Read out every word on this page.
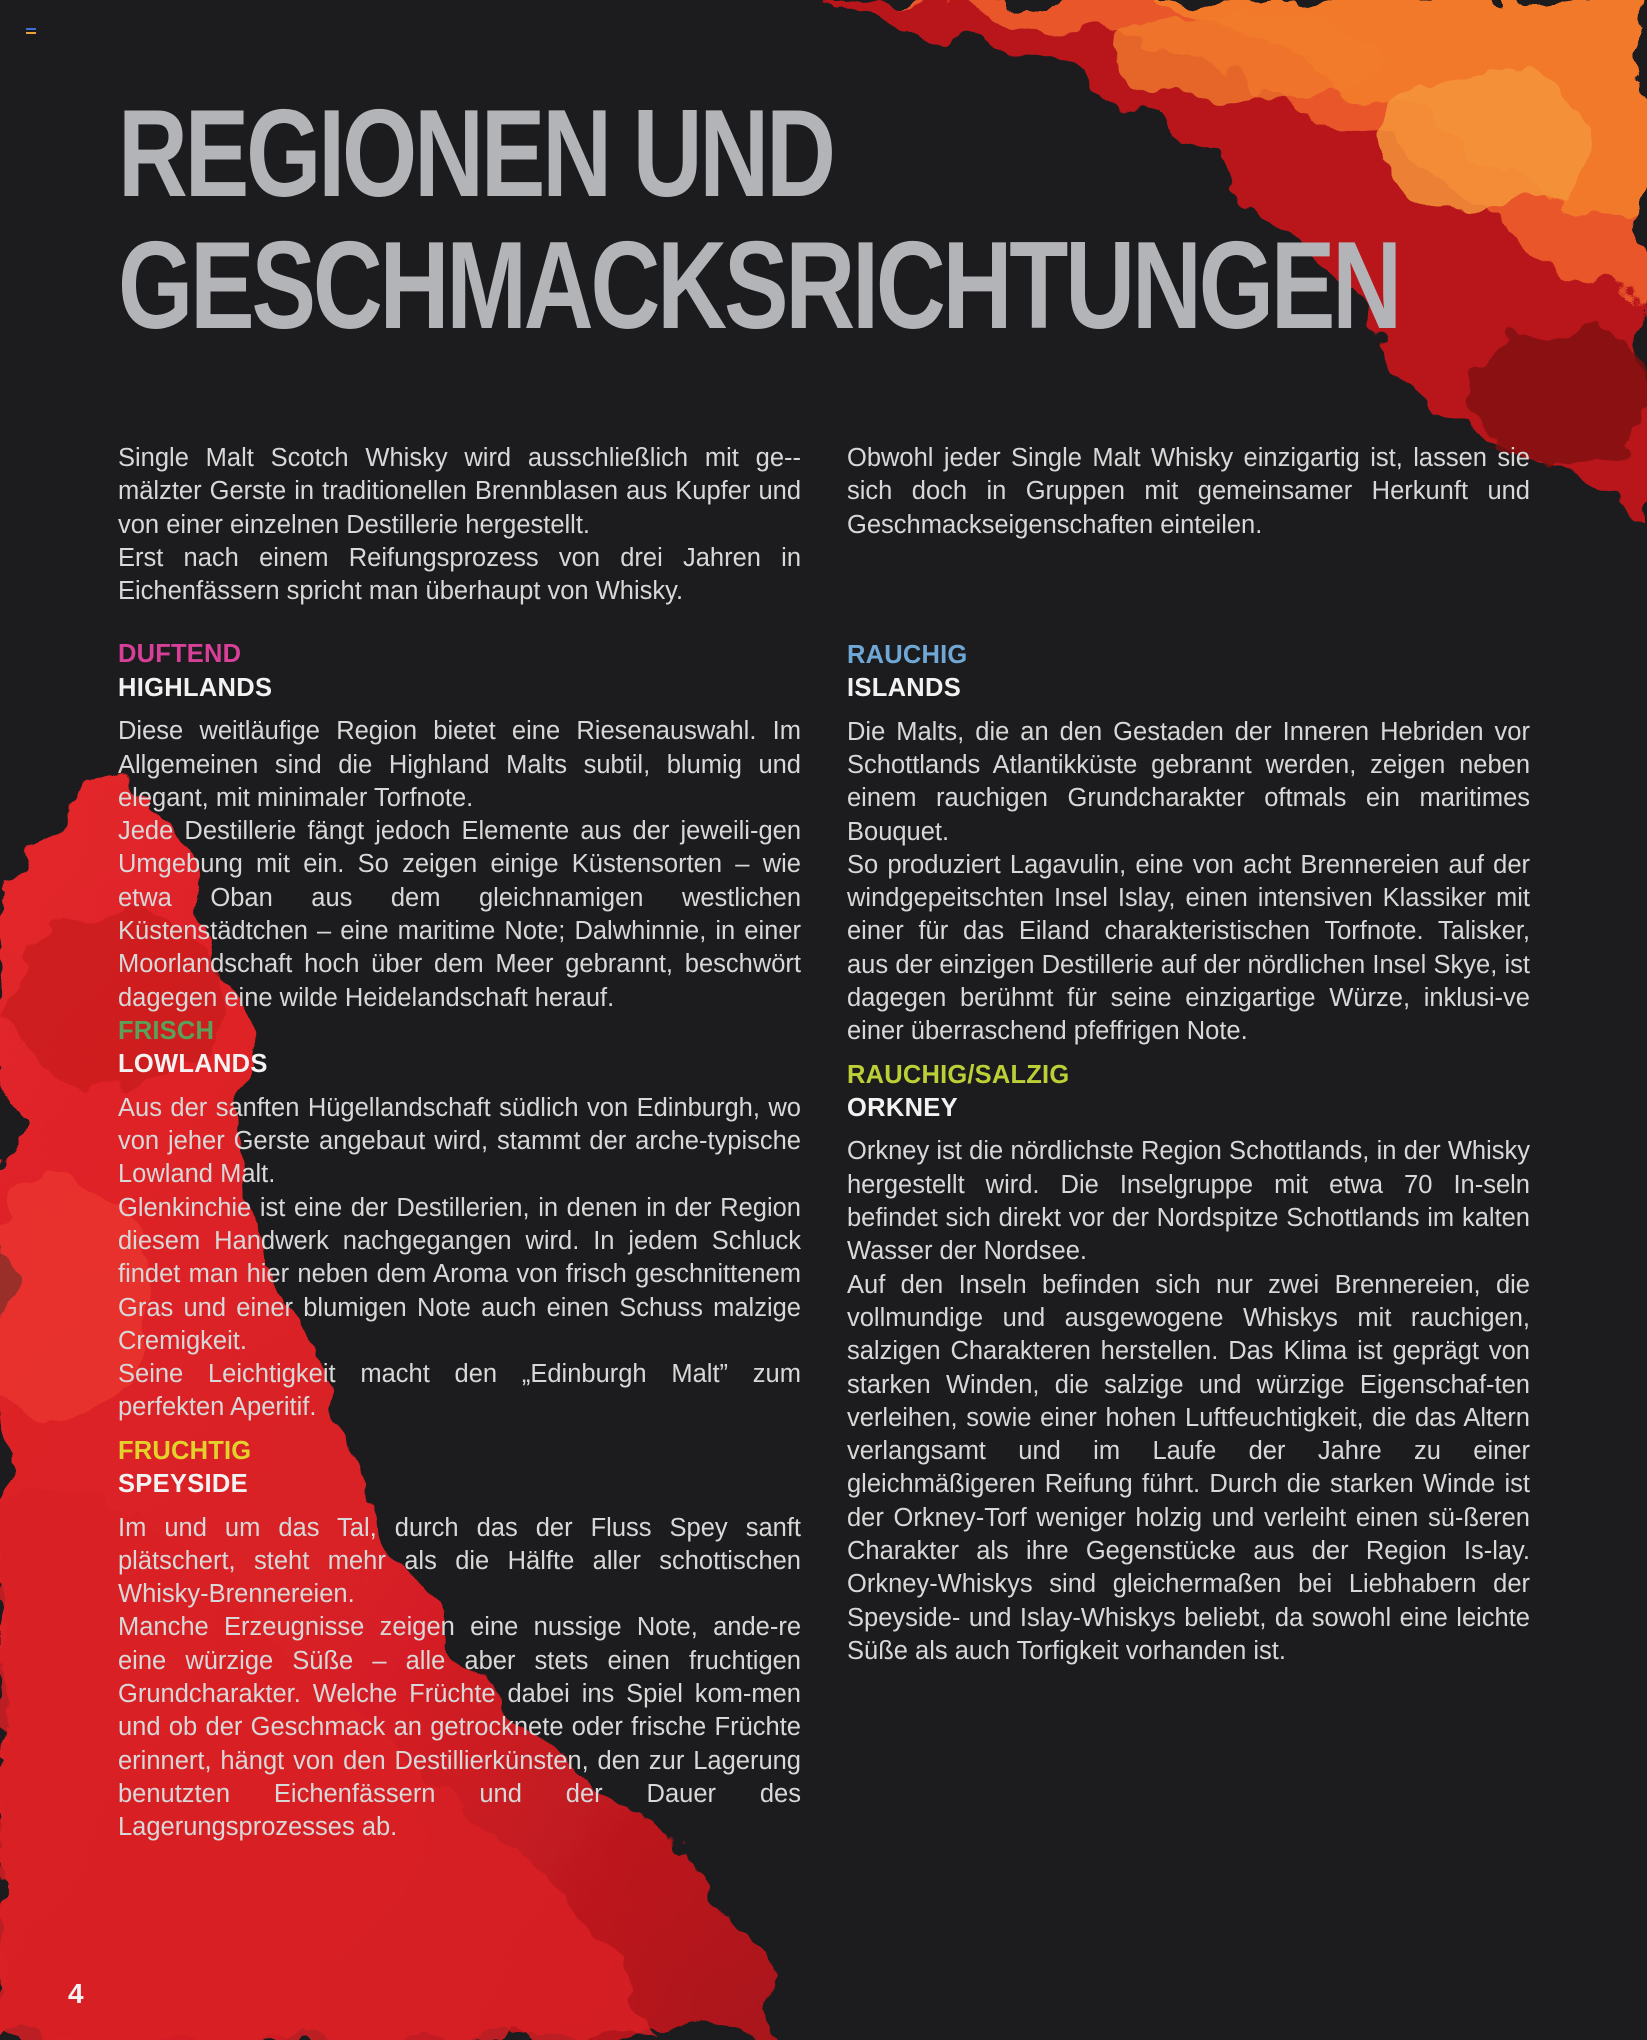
REGIONEN UND
GESCHMACKSRICHTUNGEN

Single Malt Scotch Whisky wird ausschließlich mit ge-mälzter Gerste in traditionellen Brennblasen aus Kupfer und von einer einzelnen Destillerie hergestellt.
Erst nach einem Reifungsprozess von drei Jahren in Eichenfässern spricht man überhaupt von Whisky.

DUFTEND
HIGHLANDS

Diese weitläufige Region bietet eine Riesenauswahl. Im Allgemeinen sind die Highland Malts subtil, blumig und elegant, mit minimaler Torfnote.
Jede Destillerie fängt jedoch Elemente aus der jeweili-gen Umgebung mit ein. So zeigen einige Küstensorten – wie etwa Oban aus dem gleichnamigen westlichen Küstenstädtchen – eine maritime Note; Dalwhinnie, in einer Moorlandschaft hoch über dem Meer gebrannt, beschwört dagegen eine wilde Heidelandschaft herauf.

FRISCH
LOWLANDS

Aus der sanften Hügellandschaft südlich von Edinburgh, wo von jeher Gerste angebaut wird, stammt der arche-typische Lowland Malt.
Glenkinchie ist eine der Destillerien, in denen in der Region diesem Handwerk nachgegangen wird. In jedem Schluck findet man hier neben dem Aroma von frisch geschnittenem Gras und einer blumigen Note auch einen Schuss malzige Cremigkeit.
Seine Leichtigkeit macht den „Edinburgh Malt” zum perfekten Aperitif.

FRUCHTIG
SPEYSIDE

Im und um das Tal, durch das der Fluss Spey sanft plätschert, steht mehr als die Hälfte aller schottischen Whisky-Brennereien.
Manche Erzeugnisse zeigen eine nussige Note, ande-re eine würzige Süße – alle aber stets einen fruchtigen Grundcharakter. Welche Früchte dabei ins Spiel kom-men und ob der Geschmack an getrocknete oder frische Früchte erinnert, hängt von den Destillierkünsten, den zur Lagerung benutzten Eichenfässern und der Dauer des Lagerungsprozesses ab.

Obwohl jeder Single Malt Whisky einzigartig ist, lassen sie sich doch in Gruppen mit gemeinsamer Herkunft und Geschmackseigenschaften einteilen.

RAUCHIG
ISLANDS

Die Malts, die an den Gestaden der Inneren Hebriden vor Schottlands Atlantikküste gebrannt werden, zeigen neben einem rauchigen Grundcharakter oftmals ein maritimes Bouquet.
So produziert Lagavulin, eine von acht Brennereien auf der windgepeitschten Insel Islay, einen intensiven Klassiker mit einer für das Eiland charakteristischen Torfnote. Talisker, aus der einzigen Destillerie auf der nördlichen Insel Skye, ist dagegen berühmt für seine einzigartige Würze, inklusi-ve einer überraschend pfeffrigen Note.

RAUCHIG/SALZIG
ORKNEY

Orkney ist die nördlichste Region Schottlands, in der Whisky hergestellt wird. Die Inselgruppe mit etwa 70 In-seln befindet sich direkt vor der Nordspitze Schottlands im kalten Wasser der Nordsee.
Auf den Inseln befinden sich nur zwei Brennereien, die vollmundige und ausgewogene Whiskys mit rauchigen, salzigen Charakteren herstellen. Das Klima ist geprägt von starken Winden, die salzige und würzige Eigenschaf-ten verleihen, sowie einer hohen Luftfeuchtigkeit, die das Altern verlangsamt und im Laufe der Jahre zu einer gleichmäßigeren Reifung führt. Durch die starken Winde ist der Orkney-Torf weniger holzig und verleiht einen sü-ßeren Charakter als ihre Gegenstücke aus der Region Is-lay. Orkney-Whiskys sind gleichermaßen bei Liebhabern der Speyside- und Islay-Whiskys beliebt, da sowohl eine leichte Süße als auch Torfigkeit vorhanden ist.

4
